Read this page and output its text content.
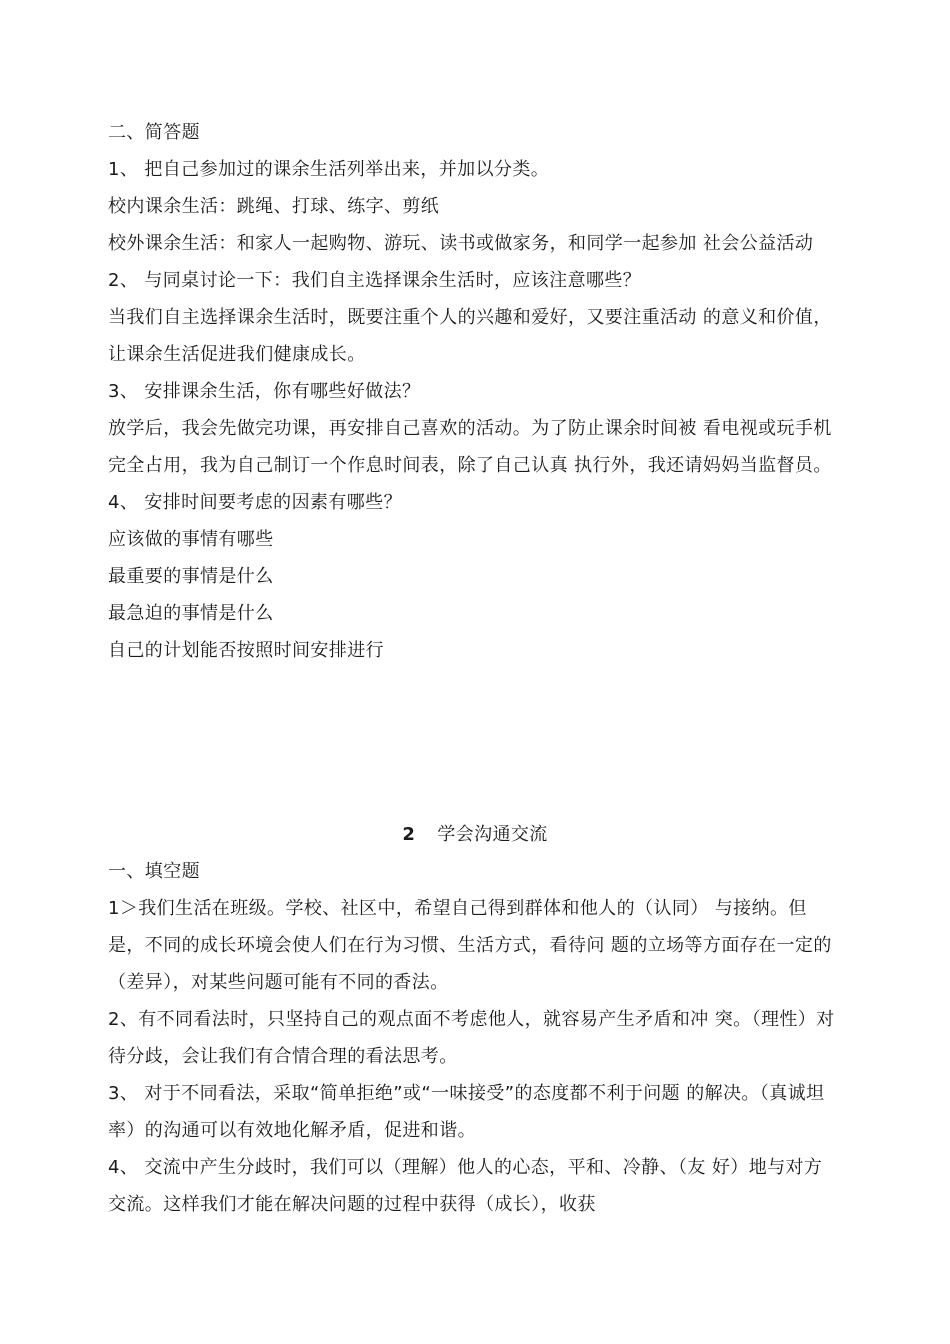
二、简答题

1、 把自己参加过的课余生活列举出来，并加以分类。

校内课余生活：跳绳、打球、练字、剪纸

校外课余生活：和家人一起购物、游玩、读书或做家务，和同学一起参加 社会公益活动

2、 与同桌讨论一下：我们自主选择课余生活时，应该注意哪些？

当我们自主选择课余生活时，既要注重个人的兴趣和爱好，又要注重活动 的意义和价值，让课余生活促进我们健康成长。

3、 安排课余生活，你有哪些好做法？

放学后，我会先做完功课，再安排自己喜欢的活动。为了防止课余时间被 看电视或玩手机完全占用，我为自己制订一个作息时间表，除了自己认真 执行外，我还请妈妈当监督员。

4、 安排时间要考虑的因素有哪些？

应该做的事情有哪些

最重要的事情是什么

最急迫的事情是什么

自己的计划能否按照时间安排进行

2 学会沟通交流

一、填空题

1＞我们生活在班级。学校、社区中，希望自己得到群体和他人的（认同） 与接纳。但是，不同的成长环境会使人们在行为习惯、生活方式，看待问 题的立场等方面存在一定的（差异），对某些问题可能有不同的香法。

2、有不同看法时，只坚持自己的观点面不考虑他人，就容易产生矛盾和冲 突。（理性）对待分歧，会让我们有合情合理的看法思考。

3、 对于不同看法，采取“简单拒绝”或“一味接受”的态度都不利于问题 的解决。（真诚坦率）的沟通可以有效地化解矛盾，促进和谐。

4、 交流中产生分歧时，我们可以（理解）他人的心态，平和、冷静、（友 好）地与对方交流。这样我们才能在解决问题的过程中获得（成长），收获
